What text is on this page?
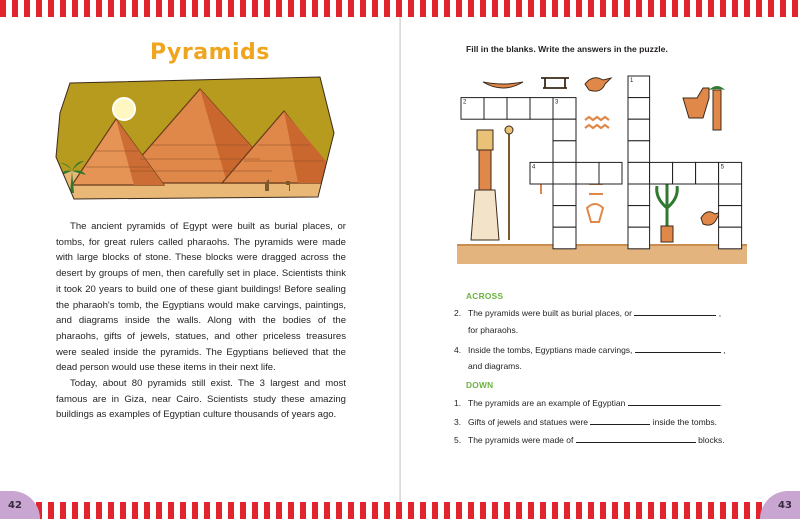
Pyramids

The ancient pyramids of Egypt were built as burial places, or tombs, for great rulers called pharaohs. The pyramids were made with large blocks of stone. These blocks were dragged across the desert by groups of men, then carefully set in place. Scientists think it took 20 years to build one of these giant buildings! Before sealing the pharaoh's tomb, the Egyptians would make carvings, paintings, and diagrams inside the walls. Along with the bodies of the pharaohs, gifts of jewels, statues, and other priceless treasures were sealed inside the pyramids. The Egyptians believed that the dead person would use these items in their next life.

Today, about 80 pyramids still exist. The 3 largest and most famous are in Giza, near Cairo. Scientists study these amazing buildings as examples of Egyptian culture thousands of years ago.

42
Fill in the blanks. Write the answers in the puzzle.
1
2	3
4	5
ACROSS
2. The pyramids were built as burial places, or	,
for pharaohs.
4. Inside the tombs, Egyptians made carvings,	,
and diagrams.
DOWN
1. The pyramids are an example of Egyptian	.
3. Gifts of jewels and statues were	inside the tombs.
5. The pyramids were made of	blocks.
43
